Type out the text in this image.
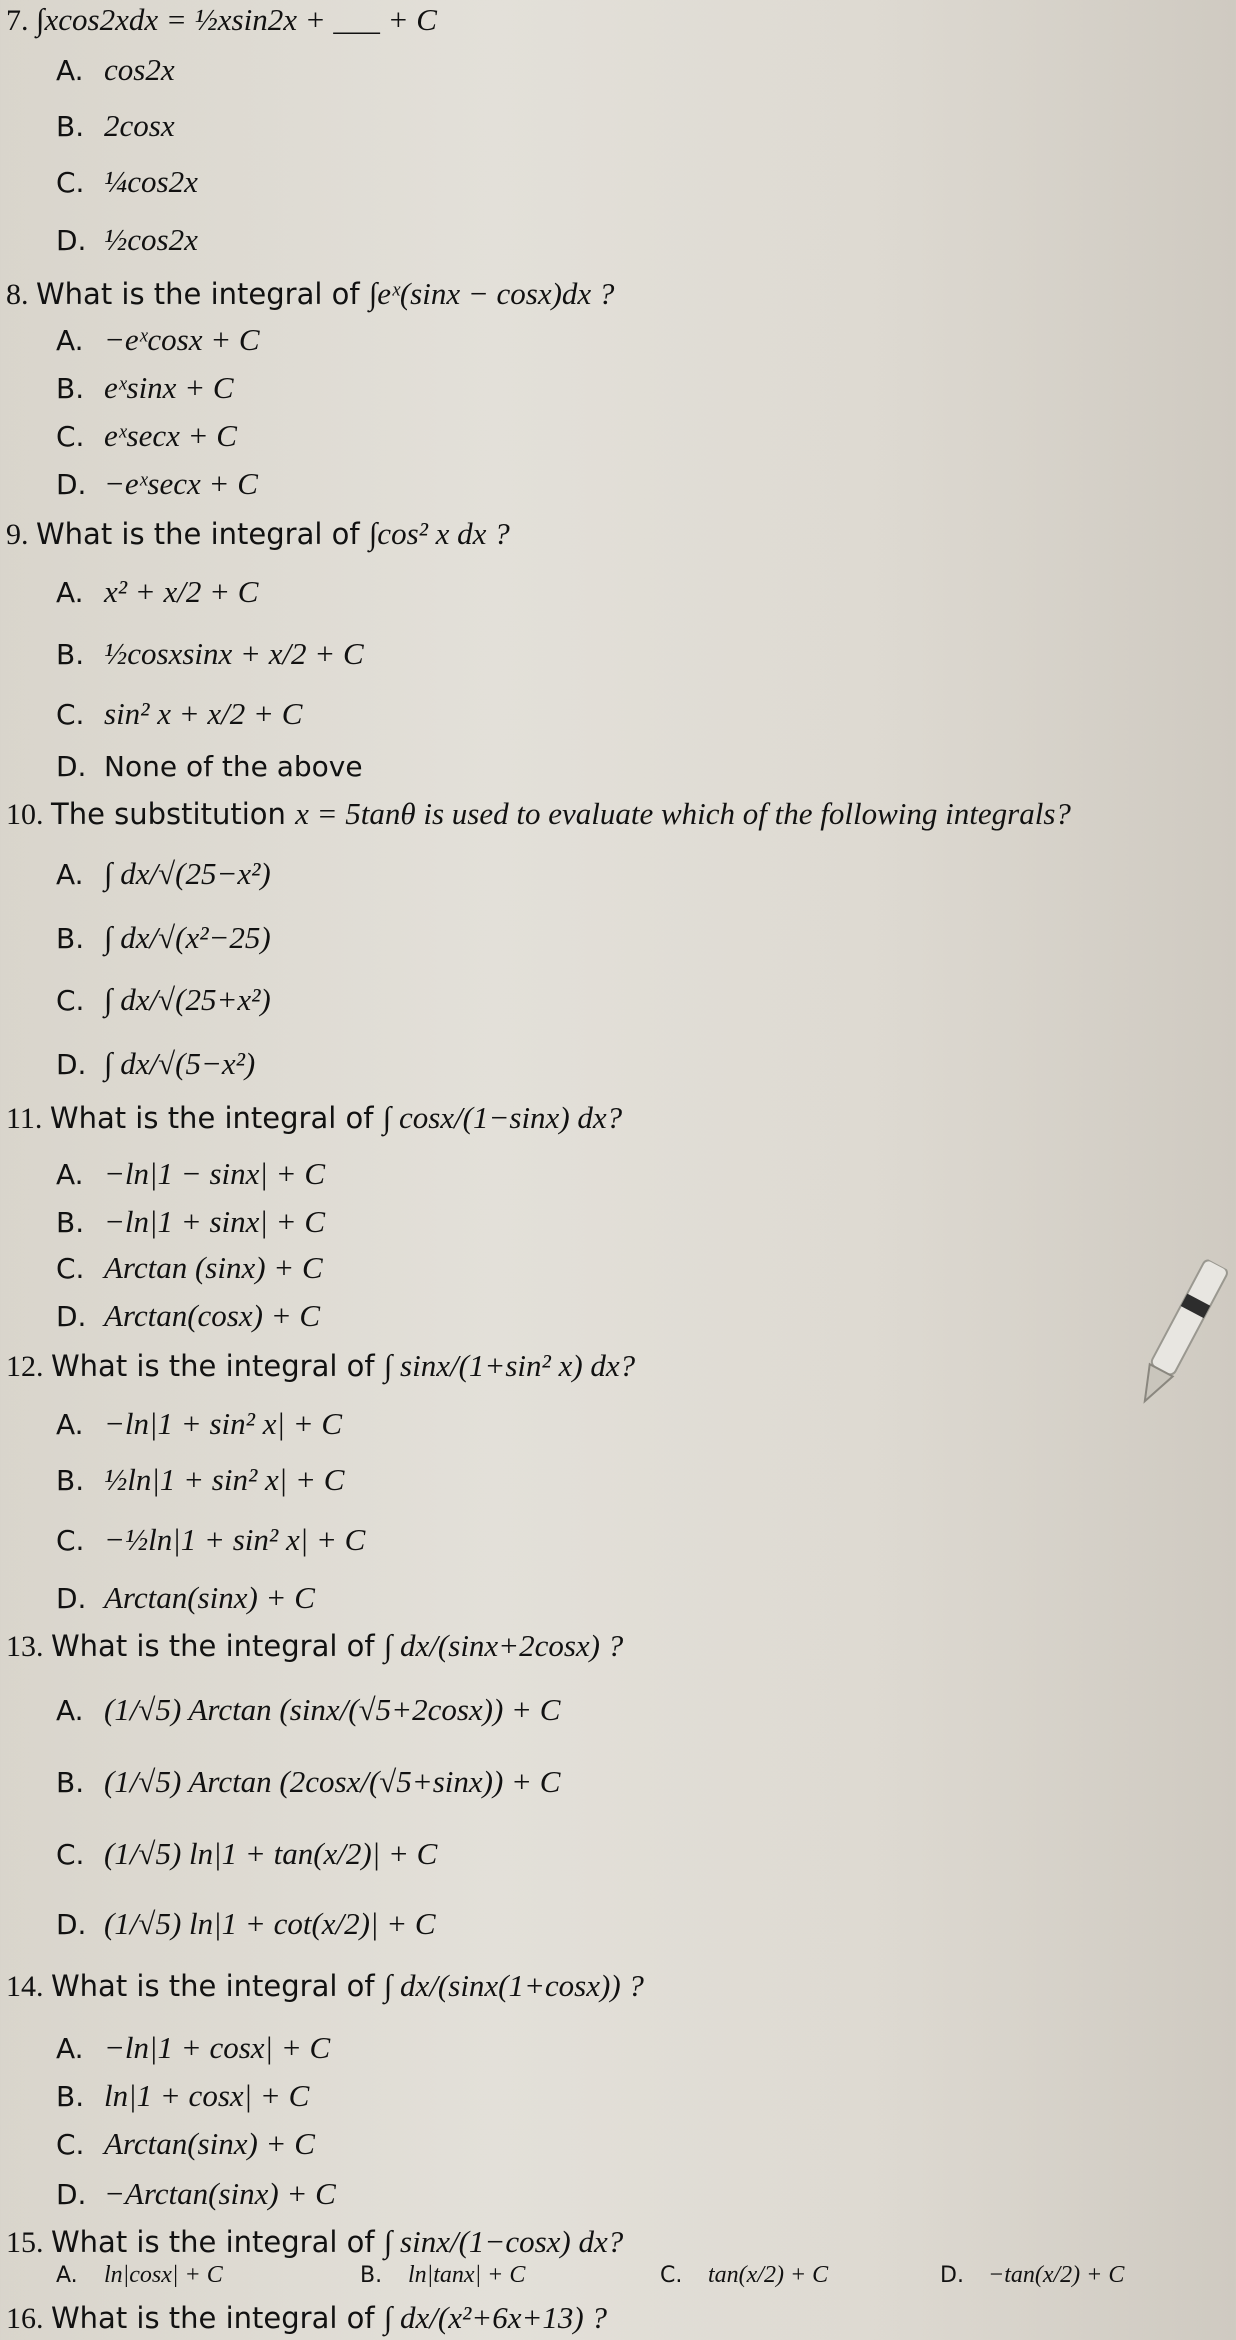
7. ∫xcos2xdx = ½xsin2x + ___ + C
A. cos2x
B. 2cosx
C. ¼cos2x
D. ½cos2x
8. What is the integral of ∫eˣ(sinx − cosx)dx ?
A. −eˣcosx + C
B. eˣsinx + C
C. eˣsecx + C
D. −eˣsecx + C
9. What is the integral of ∫cos² x dx ?
A. x² + x/2 + C
B. ½cosxsinx + x/2 + C
C. sin² x + x/2 + C
D. None of the above
10. The substitution x = 5tanθ is used to evaluate which of the following integrals?
A. ∫ dx/√(25−x²)
B. ∫ dx/√(x²−25)
C. ∫ dx/√(25+x²)
D. ∫ dx/√(5−x²)
11. What is the integral of ∫ cosx/(1−sinx) dx?
A. −ln|1 − sinx| + C
B. −ln|1 + sinx| + C
C. Arctan (sinx) + C
D. Arctan(cosx) + C
12. What is the integral of ∫ sinx/(1+sin² x) dx?
A. −ln|1 + sin² x| + C
B. ½ln|1 + sin² x| + C
C. −½ln|1 + sin² x| + C
D. Arctan(sinx) + C
13. What is the integral of ∫ dx/(sinx+2cosx) ?
A. (1/√5) Arctan (sinx/(√5+2cosx)) + C
B. (1/√5) Arctan (2cosx/(√5+sinx)) + C
C. (1/√5) ln|1 + tan(x/2)| + C
D. (1/√5) ln|1 + cot(x/2)| + C
14. What is the integral of ∫ dx/(sinx(1+cosx)) ?
A. −ln|1 + cosx| + C
B. ln|1 + cosx| + C
C. Arctan(sinx) + C
D. −Arctan(sinx) + C
15. What is the integral of ∫ sinx/(1−cosx) dx?
A. ln|cosx| + C	B. ln|tanx| + C	C. tan(x/2) + C	D. −tan(x/2) + C
16. What is the integral of ∫ dx/(x²+6x+13) ?
